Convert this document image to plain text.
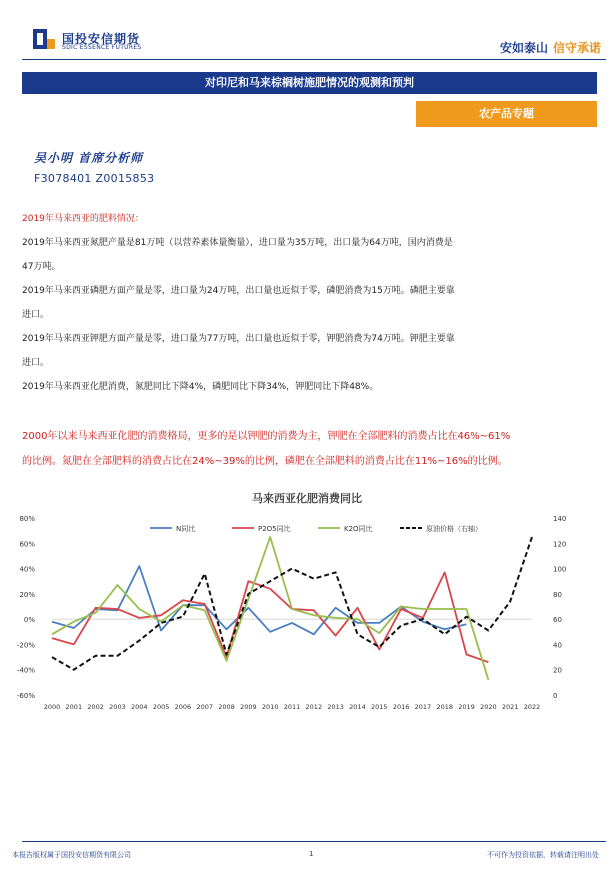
国投安信期货
SDIC ESSENCE FUTURES	安如泰山 信守承诺
对印尼和马来棕榈树施肥情况的观测和预判
农产品专题
吴小明 首席分析师
F3078401 Z0015853
2019年马来西亚的肥料情况：
2019年马来西亚氮肥产量是81万吨（以营养素体量衡量），进口量为35万吨，出口量为64万吨，国内消费是
47万吨。
2019年马来西亚磷肥方面产量是零，进口量为24万吨，出口量也近似于零，磷肥消费为15万吨。磷肥主要靠
进口。
2019年马来西亚钾肥方面产量是零，进口量为77万吨，出口量也近似于零，钾肥消费为74万吨。钾肥主要靠
进口。
2019年马来西亚化肥消费，氮肥同比下降4%，磷肥同比下降34%，钾肥同比下降48%。
2000年以来马来西亚化肥的消费格局，更多的是以钾肥的消费为主，钾肥在全部肥料的消费占比在46%~61%
的比例。氮肥在全部肥料的消费占比在24%~39%的比例，磷肥在全部肥料的消费占比在11%~16%的比例。
马来西亚化肥消费同比
N同比	P2O5同比	K2O同比	原油价格（右轴）
-60%
-40%
-20%
0%
20%
40%
60%
80%
0
20
40
60
80
100
120
140
2000 2001 2002 2003 2004 2005 2006 2007 2008 2009 2010 2011 2012 2013 2014 2015 2016 2017 2018 2019 2020 2021 2022
本报告版权属于国投安信期货有限公司	1	不可作为投资依据，转载请注明出处
